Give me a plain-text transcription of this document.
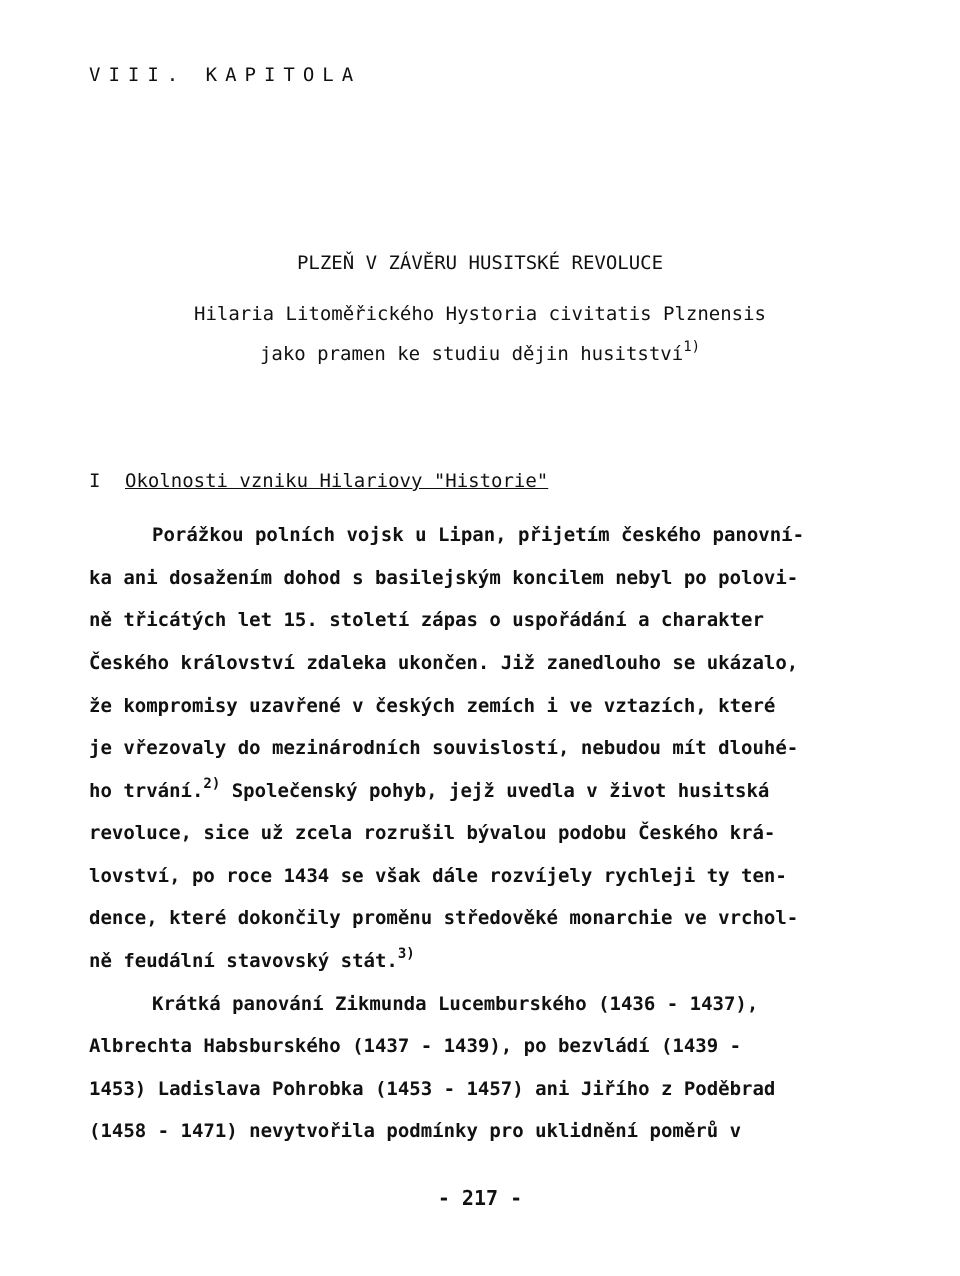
VIII. KAPITOLA
PLZEŇ V ZÁVĚRU HUSITSKÉ REVOLUCE
Hilaria Litoměřického Hystoria civitatis Plznensis
jako pramen ke studiu dějin husitství$^{1)}$
I Okolnosti vzniku Hilariovy "Historie"
Porážkou polních vojsk u Lipan, přijetím českého panovní-
ka ani dosažením dohod s basilejským koncilem nebyl po polovi-
ně třicátých let 15. století zápas o uspořádání a charakter
Českého království zdaleka ukončen. Již zanedlouho se ukázalo,
že kompromisy uzavřené v českých zemích i ve vztazích, které
je vřezovaly do mezinárodních souvislostí, nebudou mít dlouhé-
ho trvání.$^{2)}$ Společenský pohyb, jejž uvedla v život husitská
revoluce, sice už zcela rozrušil bývalou podobu Českého krá-
lovství, po roce 1434 se však dále rozvíjely rychleji ty ten-
dence, které dokončily proměnu středověké monarchie ve vrchol-
ně feudální stavovský stát.$^{3)}$
Krátká panování Zikmunda Lucemburského (1436 - 1437),
Albrechta Habsburského (1437 - 1439), po bezvládí (1439 -
1453) Ladislava Pohrobka (1453 - 1457) ani Jiřího z Poděbrad
(1458 - 1471) nevytvořila podmínky pro uklidnění poměrů v
- 217 -
